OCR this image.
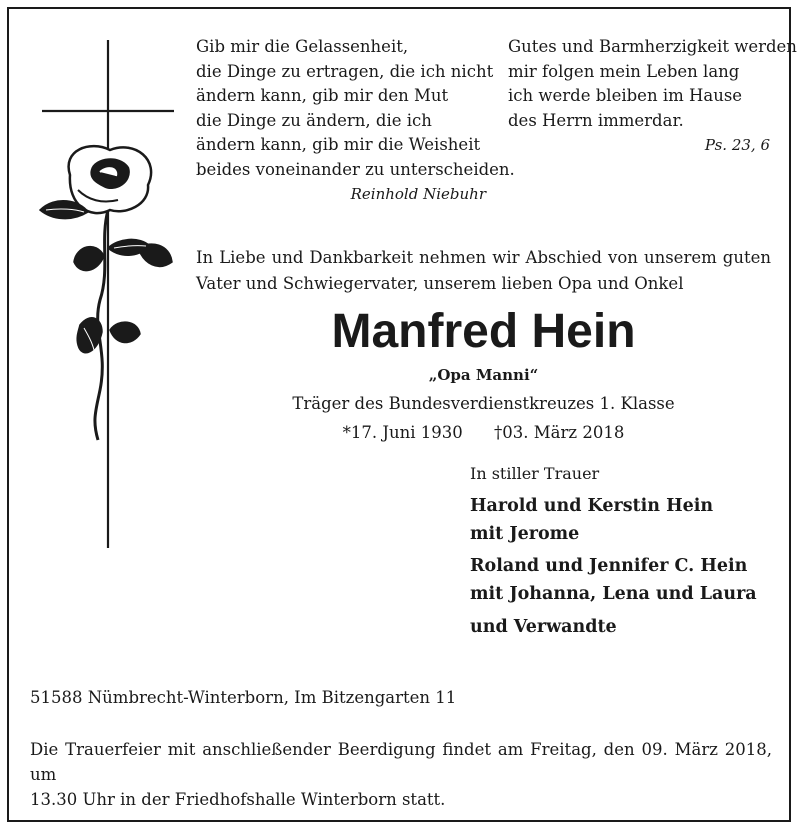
Gib mir die Gelassenheit,
die Dinge zu ertragen, die ich nicht
ändern kann, gib mir den Mut
die Dinge zu ändern, die ich
ändern kann, gib mir die Weisheit
beides voneinander zu unterscheiden.
Reinhold Niebuhr
Gutes und Barmherzigkeit werden
mir folgen mein Leben lang
ich werde bleiben im Hause
des Herrn immerdar.
Ps. 23, 6
In Liebe und Dankbarkeit nehmen wir Abschied von unserem guten
Vater und Schwiegervater, unserem lieben Opa und Onkel
Manfred Hein
„Opa Manni“
Träger des Bundesverdienstkreuzes 1. Klasse
*17. Juni 1930 †03. März 2018
In stiller Trauer
Harold und Kerstin Hein
mit Jerome
Roland und Jennifer C. Hein
mit Johanna, Lena und Laura
und Verwandte
51588 Nümbrecht-Winterborn, Im Bitzengarten 11
Die Trauerfeier mit anschließender Beerdigung findet am Freitag, den 09. März 2018, um
13.30 Uhr in der Friedhofshalle Winterborn statt.
